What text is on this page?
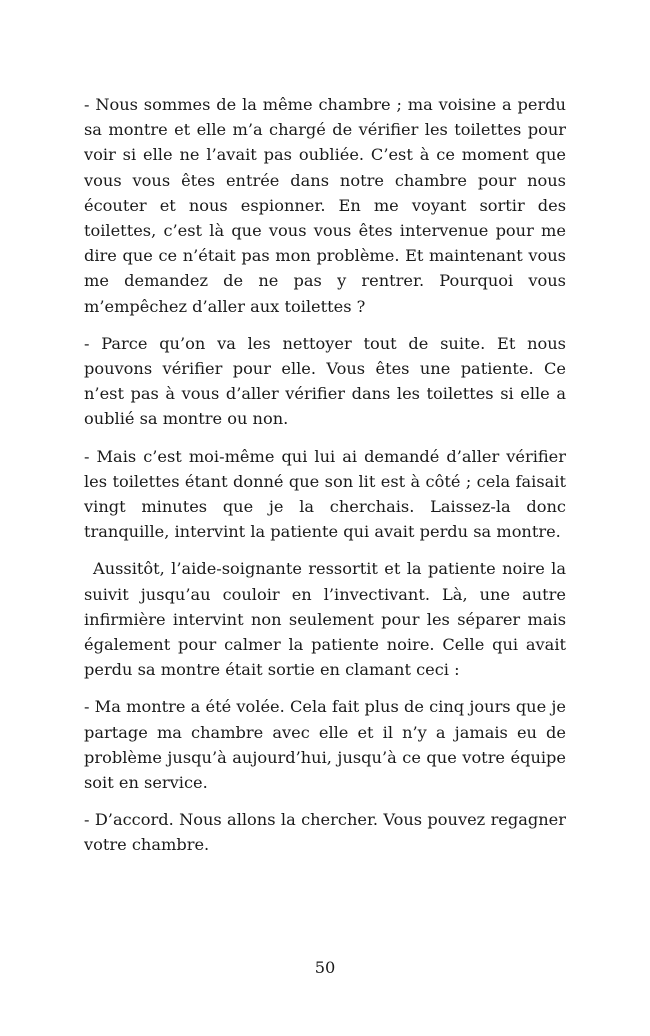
- Nous sommes de la même chambre ; ma voisine a perdu sa montre et elle m’a chargé de vérifier les toilettes pour voir si elle ne l’avait pas oubliée. C’est à ce moment que vous vous êtes entrée dans notre chambre pour nous écouter et nous espionner. En me voyant sortir des toilettes, c’est là que vous vous êtes intervenue pour me dire que ce n’était pas mon problème. Et maintenant vous me demandez de ne pas y rentrer. Pourquoi vous m’empêchez d’aller aux toilettes ?

- Parce qu’on va les nettoyer tout de suite. Et nous pouvons vérifier pour elle. Vous êtes une patiente. Ce n’est pas à vous d’aller vérifier dans les toilettes si elle a oublié sa montre ou non.

- Mais c’est moi-même qui lui ai demandé d’aller vérifier les toilettes étant donné que son lit est à côté ; cela faisait vingt minutes que je la cherchais. Laissez-la donc tranquille, intervint la patiente qui avait perdu sa montre.

Aussitôt, l’aide-soignante ressortit et la patiente noire la suivit jusqu’au couloir en l’invectivant. Là, une autre infirmière intervint non seulement pour les séparer mais également pour calmer la patiente noire. Celle qui avait perdu sa montre était sortie en clamant ceci :

- Ma montre a été volée. Cela fait plus de cinq jours que je partage ma chambre avec elle et il n’y a jamais eu de problème jusqu’à aujourd’hui, jusqu’à ce que votre équipe soit en service.

- D’accord. Nous allons la chercher. Vous pouvez regagner votre chambre.

50
